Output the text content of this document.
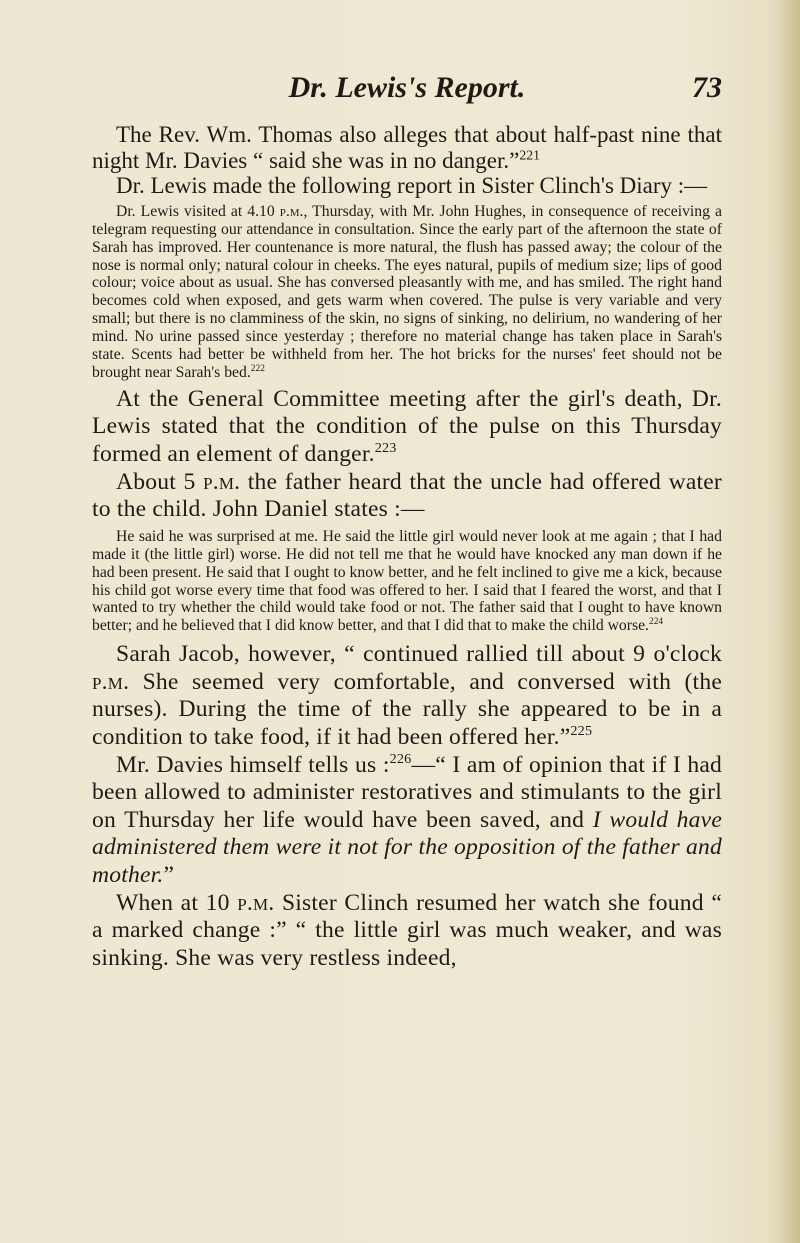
Dr. Lewis's Report.	73

The Rev. Wm. Thomas also alleges that about half-past nine that night Mr. Davies “ said she was in no danger.”$^{221}$

Dr. Lewis made the following report in Sister Clinch's Diary :—

Dr. Lewis visited at 4.10 p.m., Thursday, with Mr. John Hughes, in consequence of receiving a telegram requesting our attendance in consultation. Since the early part of the afternoon the state of Sarah has improved. Her countenance is more natural, the flush has passed away; the colour of the nose is normal only; natural colour in cheeks. The eyes natural, pupils of medium size; lips of good colour; voice about as usual. She has conversed pleasantly with me, and has smiled. The right hand becomes cold when exposed, and gets warm when covered. The pulse is very variable and very small; but there is no clamminess of the skin, no signs of sinking, no delirium, no wandering of her mind. No urine passed since yesterday ; therefore no material change has taken place in Sarah's state. Scents had better be withheld from her. The hot bricks for the nurses' feet should not be brought near Sarah's bed.$^{222}$

At the General Committee meeting after the girl's death, Dr. Lewis stated that the condition of the pulse on this Thursday formed an element of danger.$^{223}$

About 5 p.m. the father heard that the uncle had offered water to the child. John Daniel states :—

He said he was surprised at me. He said the little girl would never look at me again ; that I had made it (the little girl) worse. He did not tell me that he would have knocked any man down if he had been present. He said that I ought to know better, and he felt inclined to give me a kick, because his child got worse every time that food was offered to her. I said that I feared the worst, and that I wanted to try whether the child would take food or not. The father said that I ought to have known better; and he believed that I did know better, and that I did that to make the child worse.$^{224}$

Sarah Jacob, however, “ continued rallied till about 9 o'clock p.m. She seemed very comfortable, and conversed with (the nurses). During the time of the rally she appeared to be in a condition to take food, if it had been offered her.”$^{225}$

Mr. Davies himself tells us :$^{226}$—“ I am of opinion that if I had been allowed to administer restoratives and stimulants to the girl on Thursday her life would have been saved, and I would have administered them were it not for the opposition of the father and mother.”

When at 10 p.m. Sister Clinch resumed her watch she found “ a marked change :” “ the little girl was much weaker, and was sinking. She was very restless indeed,
